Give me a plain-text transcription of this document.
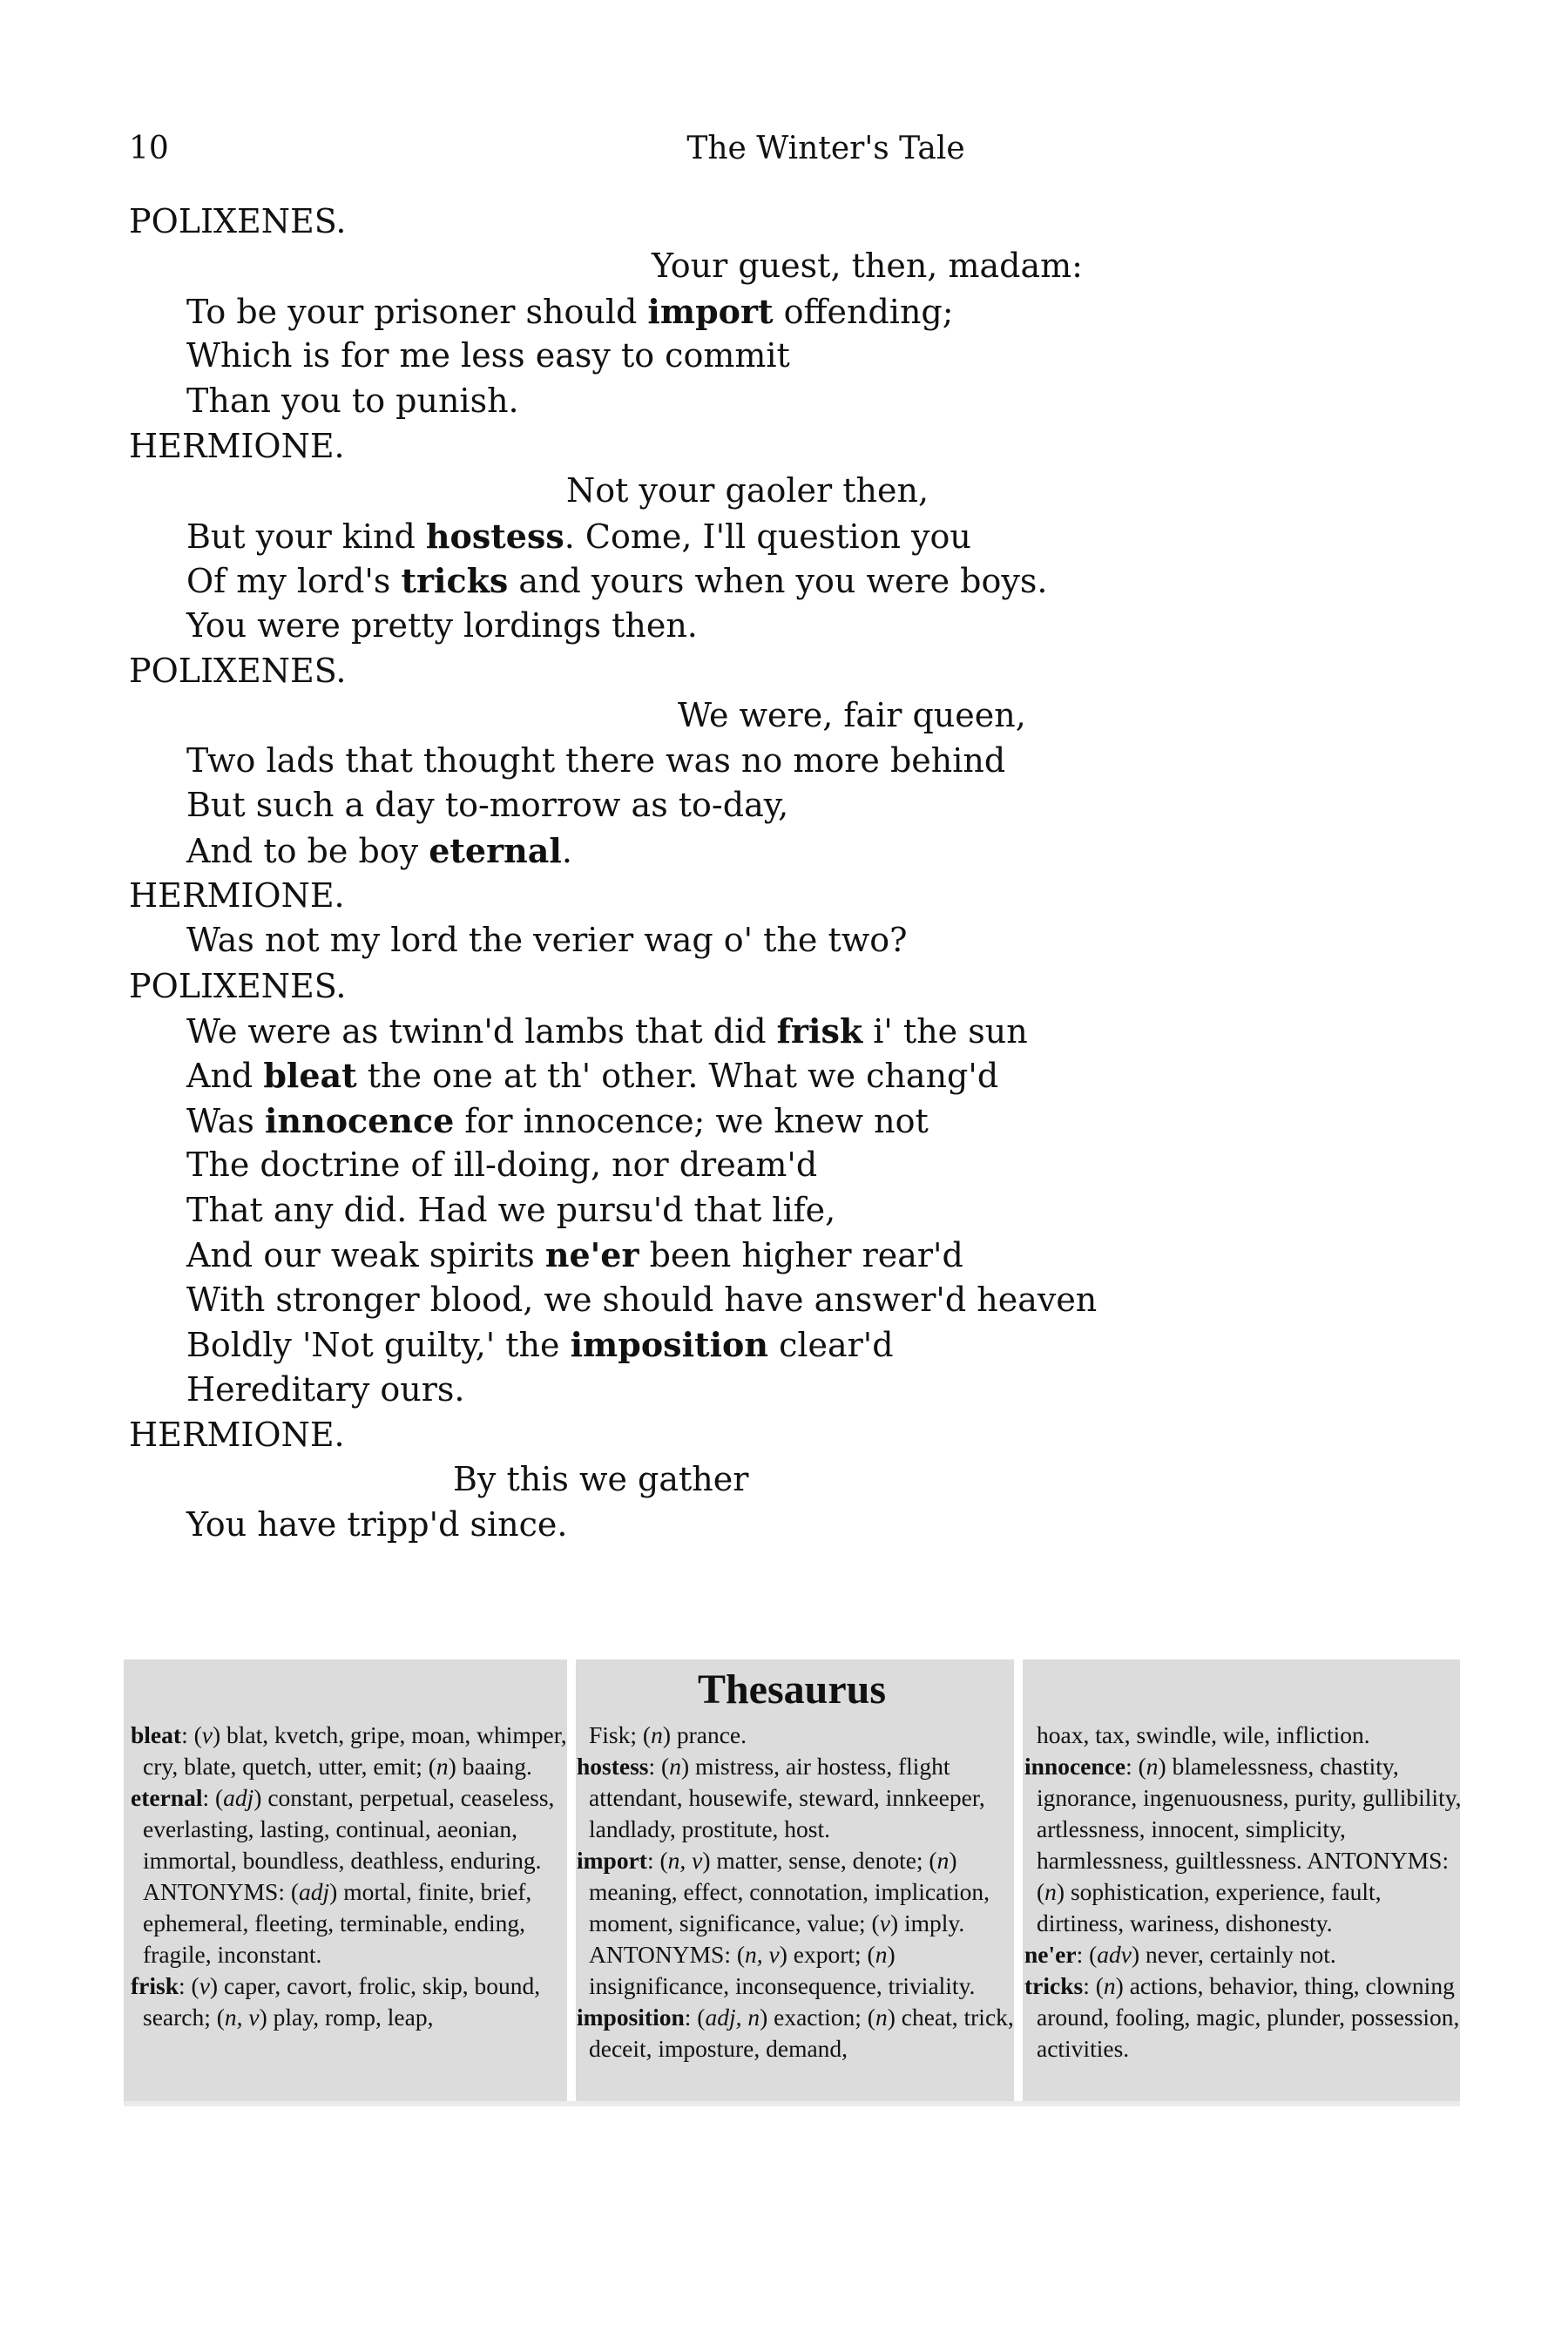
10	The Winter's Tale
POLIXENES.
Your guest, then, madam:
To be your prisoner should import offending;
Which is for me less easy to commit
Than you to punish.
HERMIONE.
Not your gaoler then,
But your kind hostess. Come, I'll question you
Of my lord's tricks and yours when you were boys.
You were pretty lordings then.
POLIXENES.
We were, fair queen,
Two lads that thought there was no more behind
But such a day to-morrow as to-day,
And to be boy eternal.
HERMIONE.
Was not my lord the verier wag o' the two?
POLIXENES.
We were as twinn'd lambs that did frisk i' the sun
And bleat the one at th' other. What we chang'd
Was innocence for innocence; we knew not
The doctrine of ill-doing, nor dream'd
That any did. Had we pursu'd that life,
And our weak spirits ne'er been higher rear'd
With stronger blood, we should have answer'd heaven
Boldly 'Not guilty,' the imposition clear'd
Hereditary ours.
HERMIONE.
By this we gather
You have tripp'd since.
Thesaurus
bleat: (v) blat, kvetch, gripe, moan, whimper, cry, blate, quetch, utter, emit; (n) baaing.
eternal: (adj) constant, perpetual, ceaseless, everlasting, lasting, continual, aeonian, immortal, boundless, deathless, enduring. ANTONYMS: (adj) mortal, finite, brief, ephemeral, fleeting, terminable, ending, fragile, inconstant.
frisk: (v) caper, cavort, frolic, skip, bound, search; (n, v) play, romp, leap,
Fisk; (n) prance.
hostess: (n) mistress, air hostess, flight attendant, housewife, steward, innkeeper, landlady, prostitute, host.
import: (n, v) matter, sense, denote; (n) meaning, effect, connotation, implication, moment, significance, value; (v) imply. ANTONYMS: (n, v) export; (n) insignificance, inconsequence, triviality.
imposition: (adj, n) exaction; (n) cheat, trick, deceit, imposture, demand,
hoax, tax, swindle, wile, infliction.
innocence: (n) blamelessness, chastity, ignorance, ingenuousness, purity, gullibility, artlessness, innocent, simplicity, harmlessness, guiltlessness. ANTONYMS: (n) sophistication, experience, fault, dirtiness, wariness, dishonesty.
ne'er: (adv) never, certainly not.
tricks: (n) actions, behavior, thing, clowning around, fooling, magic, plunder, possession, activities.
